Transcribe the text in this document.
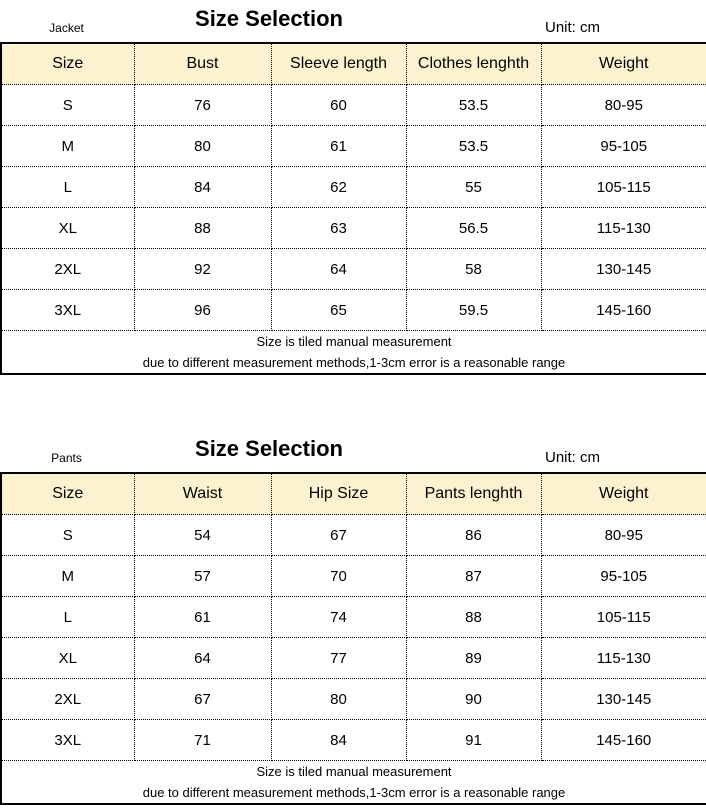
Jacket	Size Selection	Unit: cm
Size	Bust	Sleeve length	Clothes lenghth	Weight
S	76	60	53.5	80-95
M	80	61	53.5	95-105
L	84	62	55	105-115
XL	88	63	56.5	115-130
2XL	92	64	58	130-145
3XL	96	65	59.5	145-160

Size is tiled manual measurement
due to different measurement methods,1-3cm error is a reasonable range				
Pants	Size Selection	Unit: cm
Size	Waist	Hip Size	Pants lenghth	Weight
S	54	67	86	80-95
M	57	70	87	95-105
L	61	74	88	105-115
XL	64	77	89	115-130
2XL	67	80	90	130-145
3XL	71	84	91	145-160

Size is tiled manual measurement
due to different measurement methods,1-3cm error is a reasonable range				
